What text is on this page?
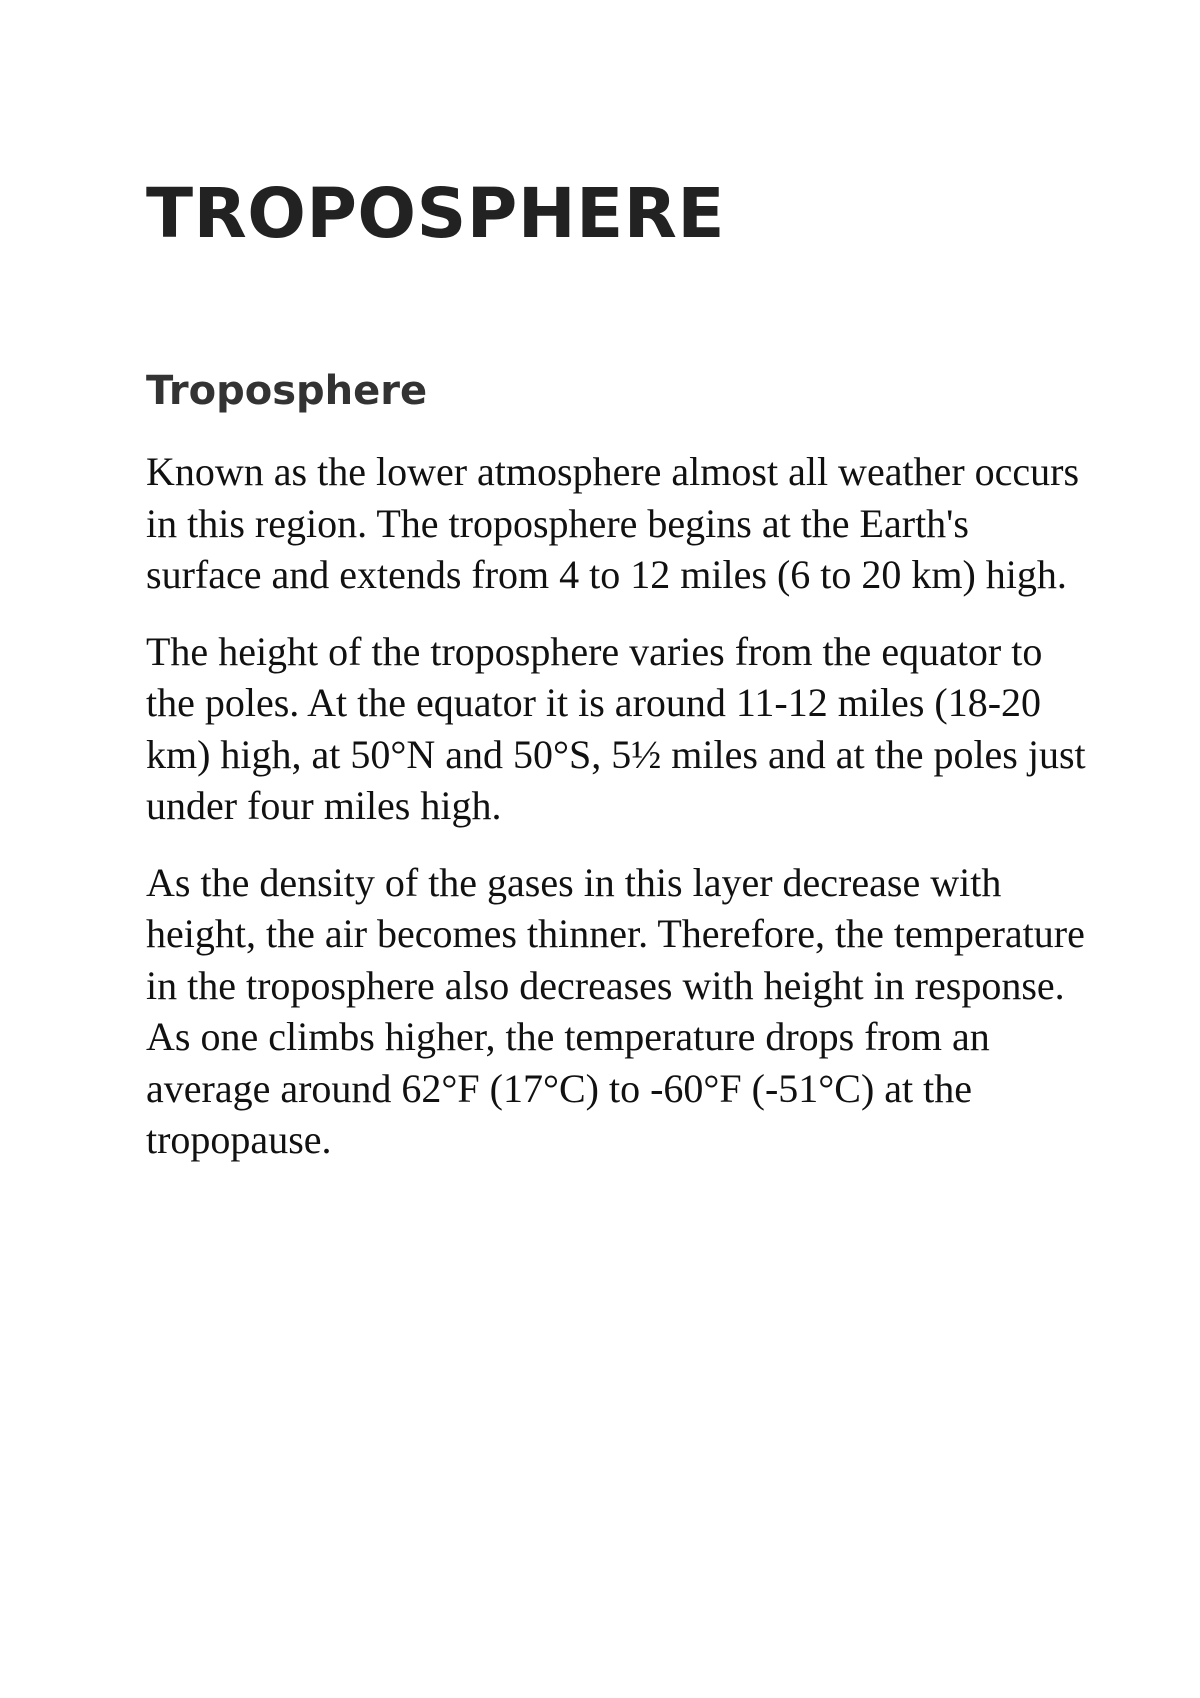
TROPOSPHERE
Troposphere

Known as the lower atmosphere almost all weather occurs in this region. The troposphere begins at the Earth's surface and extends from 4 to 12 miles (6 to 20 km) high.

The height of the troposphere varies from the equator to the poles. At the equator it is around 11-12 miles (18-20 km) high, at 50°N and 50°S, 5½ miles and at the poles just under four miles high.

As the density of the gases in this layer decrease with height, the air becomes thinner. Therefore, the temperature in the troposphere also decreases with height in response. As one climbs higher, the temperature drops from an average around 62°F (17°C) to -60°F (-51°C) at the tropopause.
